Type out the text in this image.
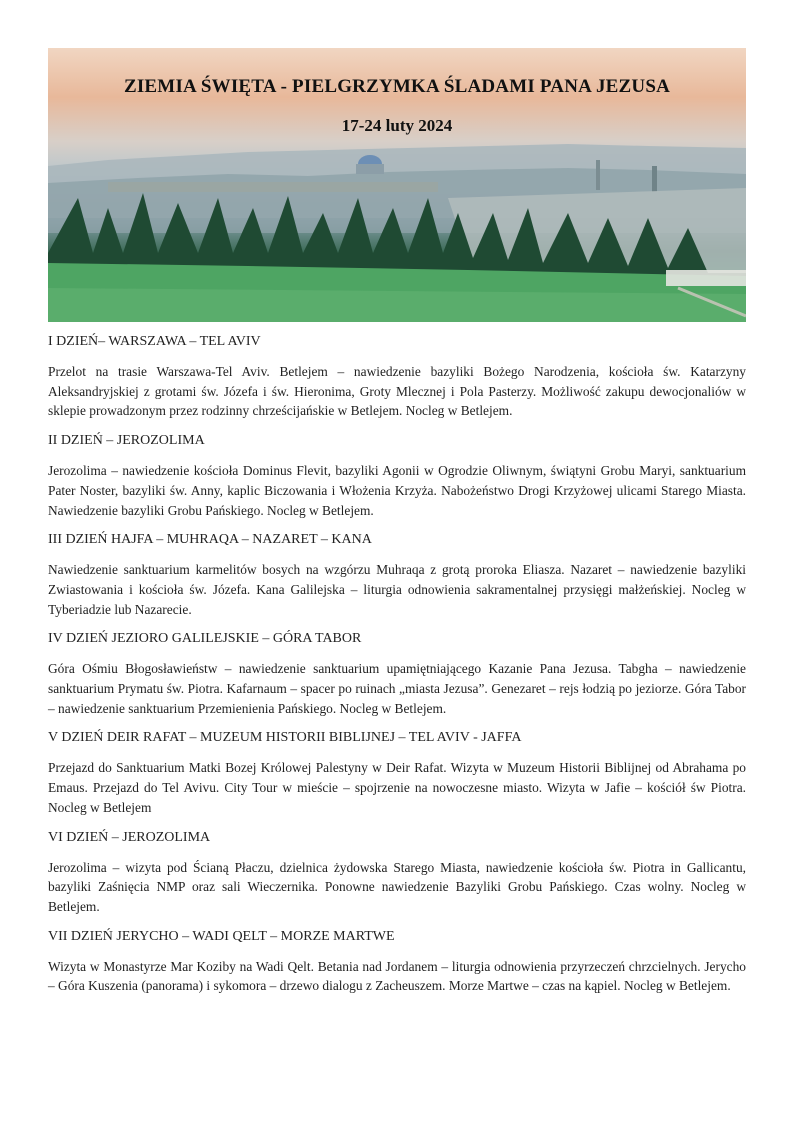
ZIEMIA ŚWIĘTA - PIELGRZYMKA ŚLADAMI PANA JEZUSA
17-24 luty 2024

I DZIEŃ– WARSZAWA – TEL AVIV

Przelot na trasie Warszawa-Tel Aviv. Betlejem – nawiedzenie bazyliki Bożego Narodzenia, kościoła św. Katarzyny Aleksandryjskiej z grotami św. Józefa i św. Hieronima, Groty Mlecznej i Pola Pasterzy. Możliwość zakupu dewocjonaliów w sklepie prowadzonym przez rodzinny chrześcijańskie w Betlejem. Nocleg w Betlejem.

II DZIEŃ – JEROZOLIMA

Jerozolima – nawiedzenie kościoła Dominus Flevit, bazyliki Agonii w Ogrodzie Oliwnym, świątyni Grobu Maryi, sanktuarium Pater Noster, bazyliki św. Anny, kaplic Biczowania i Włożenia Krzyża. Nabożeństwo Drogi Krzyżowej ulicami Starego Miasta. Nawiedzenie bazyliki Grobu Pańskiego. Nocleg w Betlejem.

III DZIEŃ HAJFA – MUHRAQA – NAZARET – KANA

Nawiedzenie sanktuarium karmelitów bosych na wzgórzu Muhraqa z grotą proroka Eliasza. Nazaret – nawiedzenie bazyliki Zwiastowania i kościoła św. Józefa. Kana Galilejska – liturgia odnowienia sakramentalnej przysięgi małżeńskiej. Nocleg w Tyberiadzie lub Nazarecie.

IV DZIEŃ JEZIORO GALILEJSKIE – GÓRA TABOR

Góra Ośmiu Błogosławieństw – nawiedzenie sanktuarium upamiętniającego Kazanie Pana Jezusa. Tabgha – nawiedzenie sanktuarium Prymatu św. Piotra. Kafarnaum – spacer po ruinach „miasta Jezusa”. Genezaret – rejs łodzią po jeziorze. Góra Tabor – nawiedzenie sanktuarium Przemienienia Pańskiego. Nocleg w Betlejem.

V DZIEŃ DEIR RAFAT – MUZEUM HISTORII BIBLIJNEJ – TEL AVIV - JAFFA

Przejazd do Sanktuarium Matki Bozej Królowej Palestyny w Deir Rafat. Wizyta w Muzeum Historii Biblijnej od Abrahama po Emaus. Przejazd do Tel Avivu. City Tour w mieście – spojrzenie na nowoczesne miasto. Wizyta w Jafie – kościół św Piotra. Nocleg w Betlejem

VI DZIEŃ – JEROZOLIMA

Jerozolima – wizyta pod Ścianą Płaczu, dzielnica żydowska Starego Miasta, nawiedzenie kościoła św. Piotra in Gallicantu, bazyliki Zaśnięcia NMP oraz sali Wieczernika. Ponowne nawiedzenie Bazyliki Grobu Pańskiego. Czas wolny. Nocleg w Betlejem.

VII DZIEŃ JERYCHO – WADI QELT – MORZE MARTWE

Wizyta w Monastyrze Mar Koziby na Wadi Qelt. Betania nad Jordanem – liturgia odnowienia przyrzeczeń chrzcielnych. Jerycho – Góra Kuszenia (panorama) i sykomora – drzewo dialogu z Zacheuszem. Morze Martwe – czas na kąpiel. Nocleg w Betlejem.
